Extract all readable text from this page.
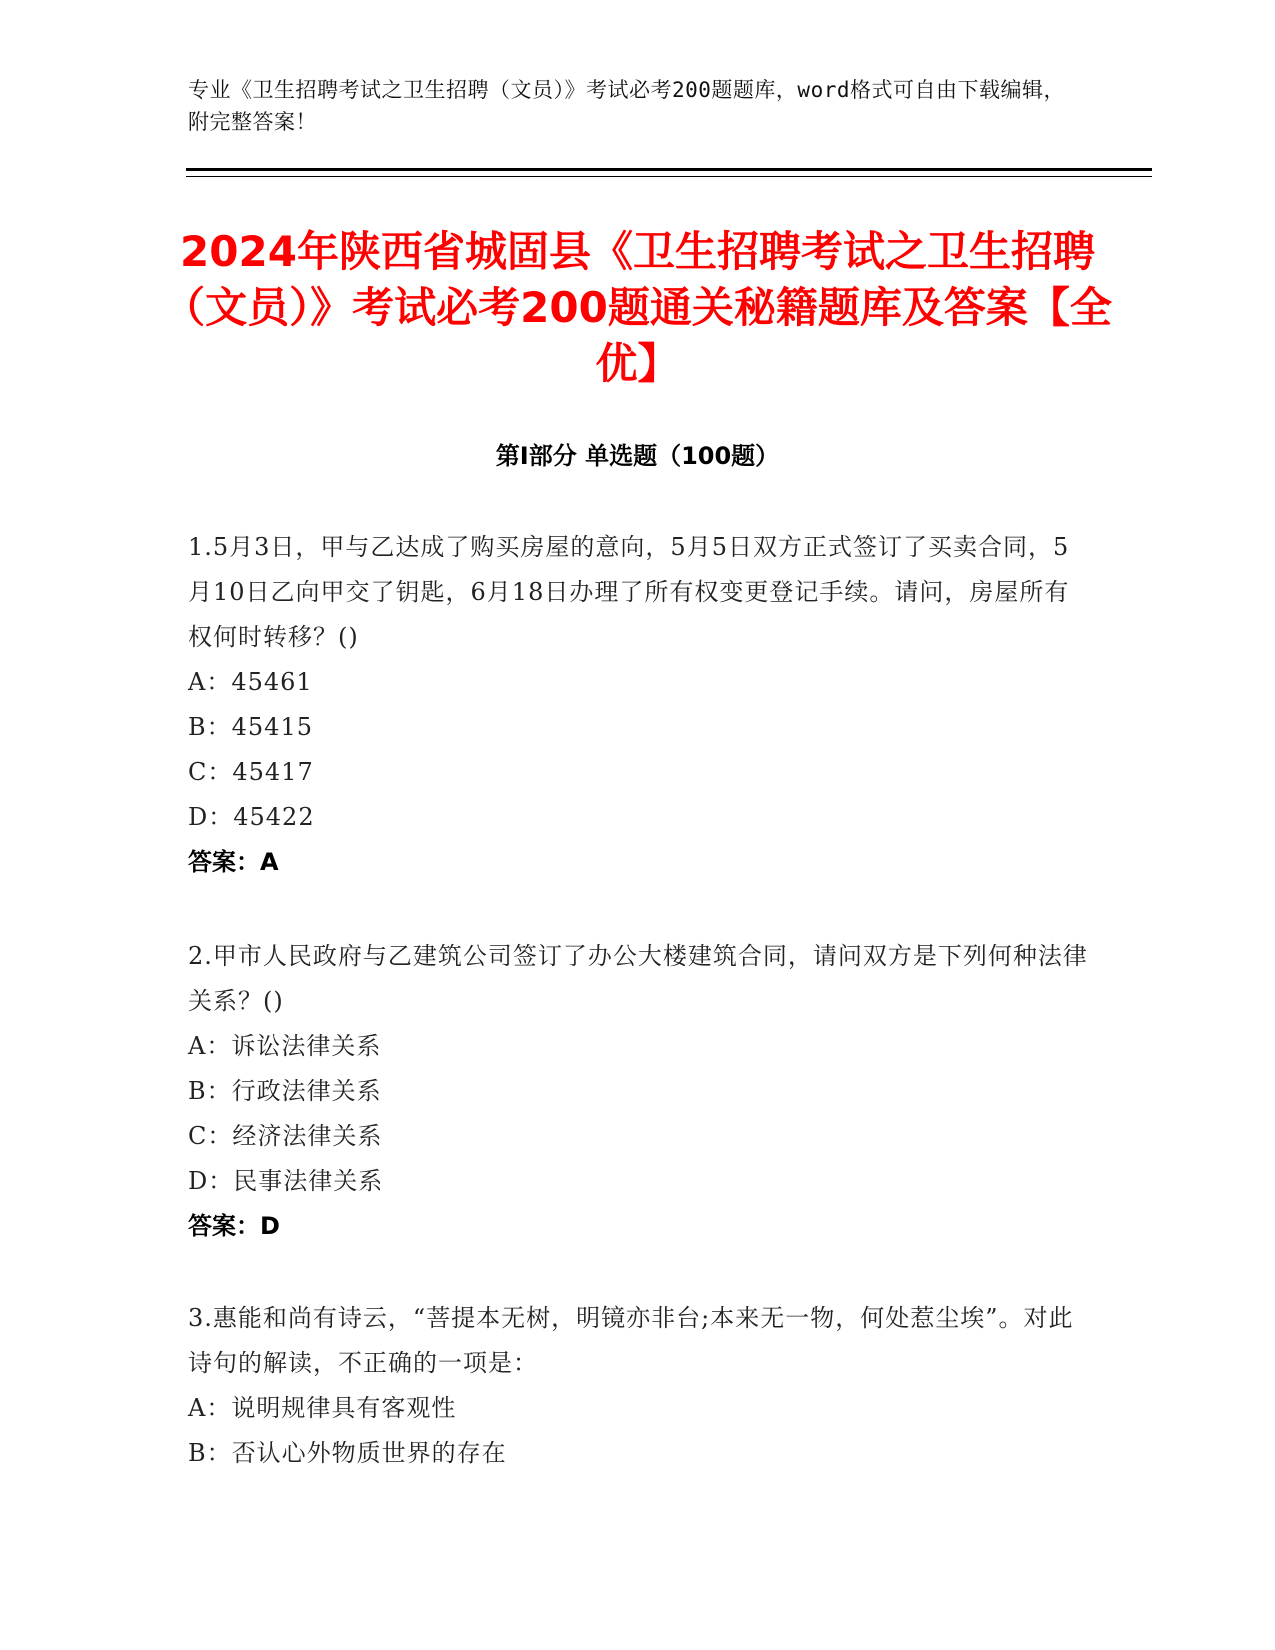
专业《卫生招聘考试之卫生招聘（文员）》考试必考200题题库，word格式可自由下载编辑，附完整答案！
2024年陕西省城固县《卫生招聘考试之卫生招聘（文员）》考试必考200题通关秘籍题库及答案【全优】
第I部分 单选题（100题）
1.5月3日，甲与乙达成了购买房屋的意向，5月5日双方正式签订了买卖合同，5月10日乙向甲交了钥匙，6月18日办理了所有权变更登记手续。请问，房屋所有权何时转移？()
A：45461
B：45415
C：45417
D：45422
答案：A
2.甲市人民政府与乙建筑公司签订了办公大楼建筑合同，请问双方是下列何种法律关系？()
A：诉讼法律关系
B：行政法律关系
C：经济法律关系
D：民事法律关系
答案：D
3.惠能和尚有诗云，“菩提本无树，明镜亦非台;本来无一物，何处惹尘埃”。对此诗句的解读，不正确的一项是：
A：说明规律具有客观性
B：否认心外物质世界的存在
